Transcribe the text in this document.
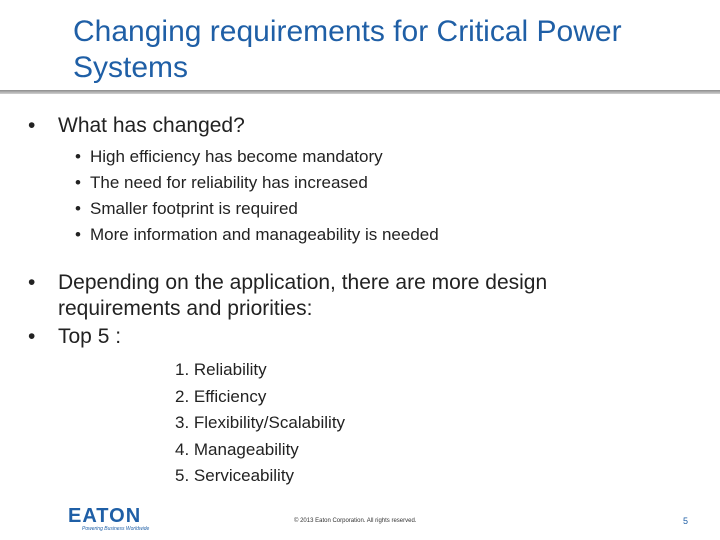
Changing requirements for Critical Power Systems
•	What has changed?
• High efficiency has become mandatory
• The need for reliability has increased
• Smaller footprint is required
• More information and manageability is needed
•	Depending on the application, there are more design requirements and priorities:
•	Top 5 :
1. Reliability
2. Efficiency
3. Flexibility/Scalability
4. Manageability
5. Serviceability
EATON
Powering Business Worldwide
© 2013 Eaton Corporation. All rights reserved.	5
